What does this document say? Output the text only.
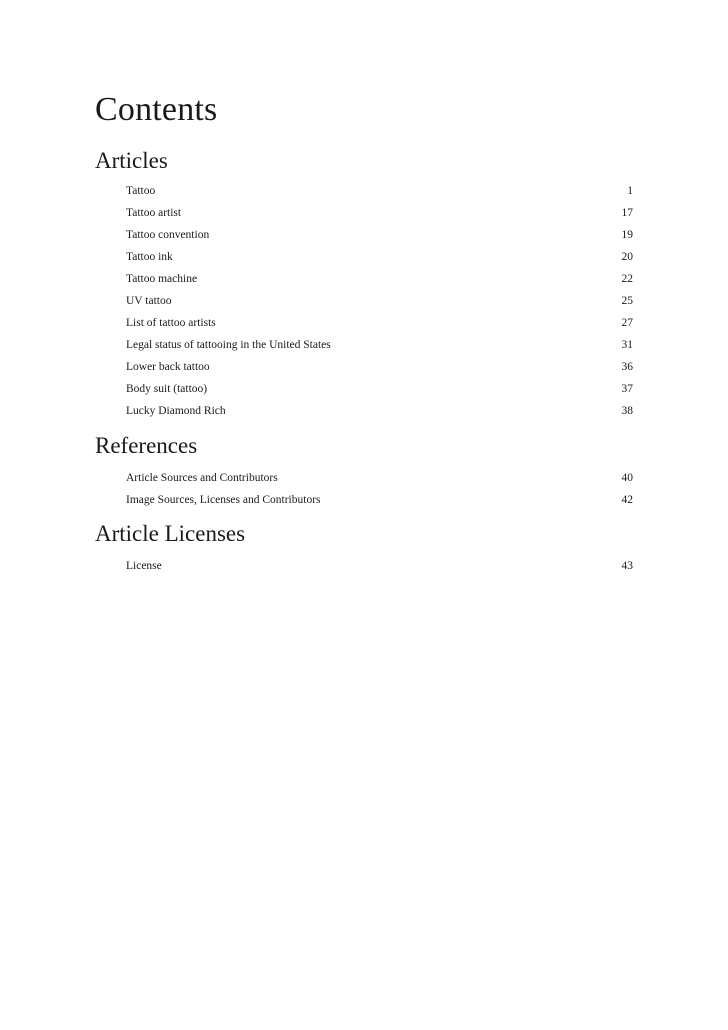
Contents
Articles
Tattoo	1
Tattoo artist	17
Tattoo convention	19
Tattoo ink	20
Tattoo machine	22
UV tattoo	25
List of tattoo artists	27
Legal status of tattooing in the United States	31
Lower back tattoo	36
Body suit (tattoo)	37
Lucky Diamond Rich	38
References
Article Sources and Contributors	40
Image Sources, Licenses and Contributors	42
Article Licenses
License	43
